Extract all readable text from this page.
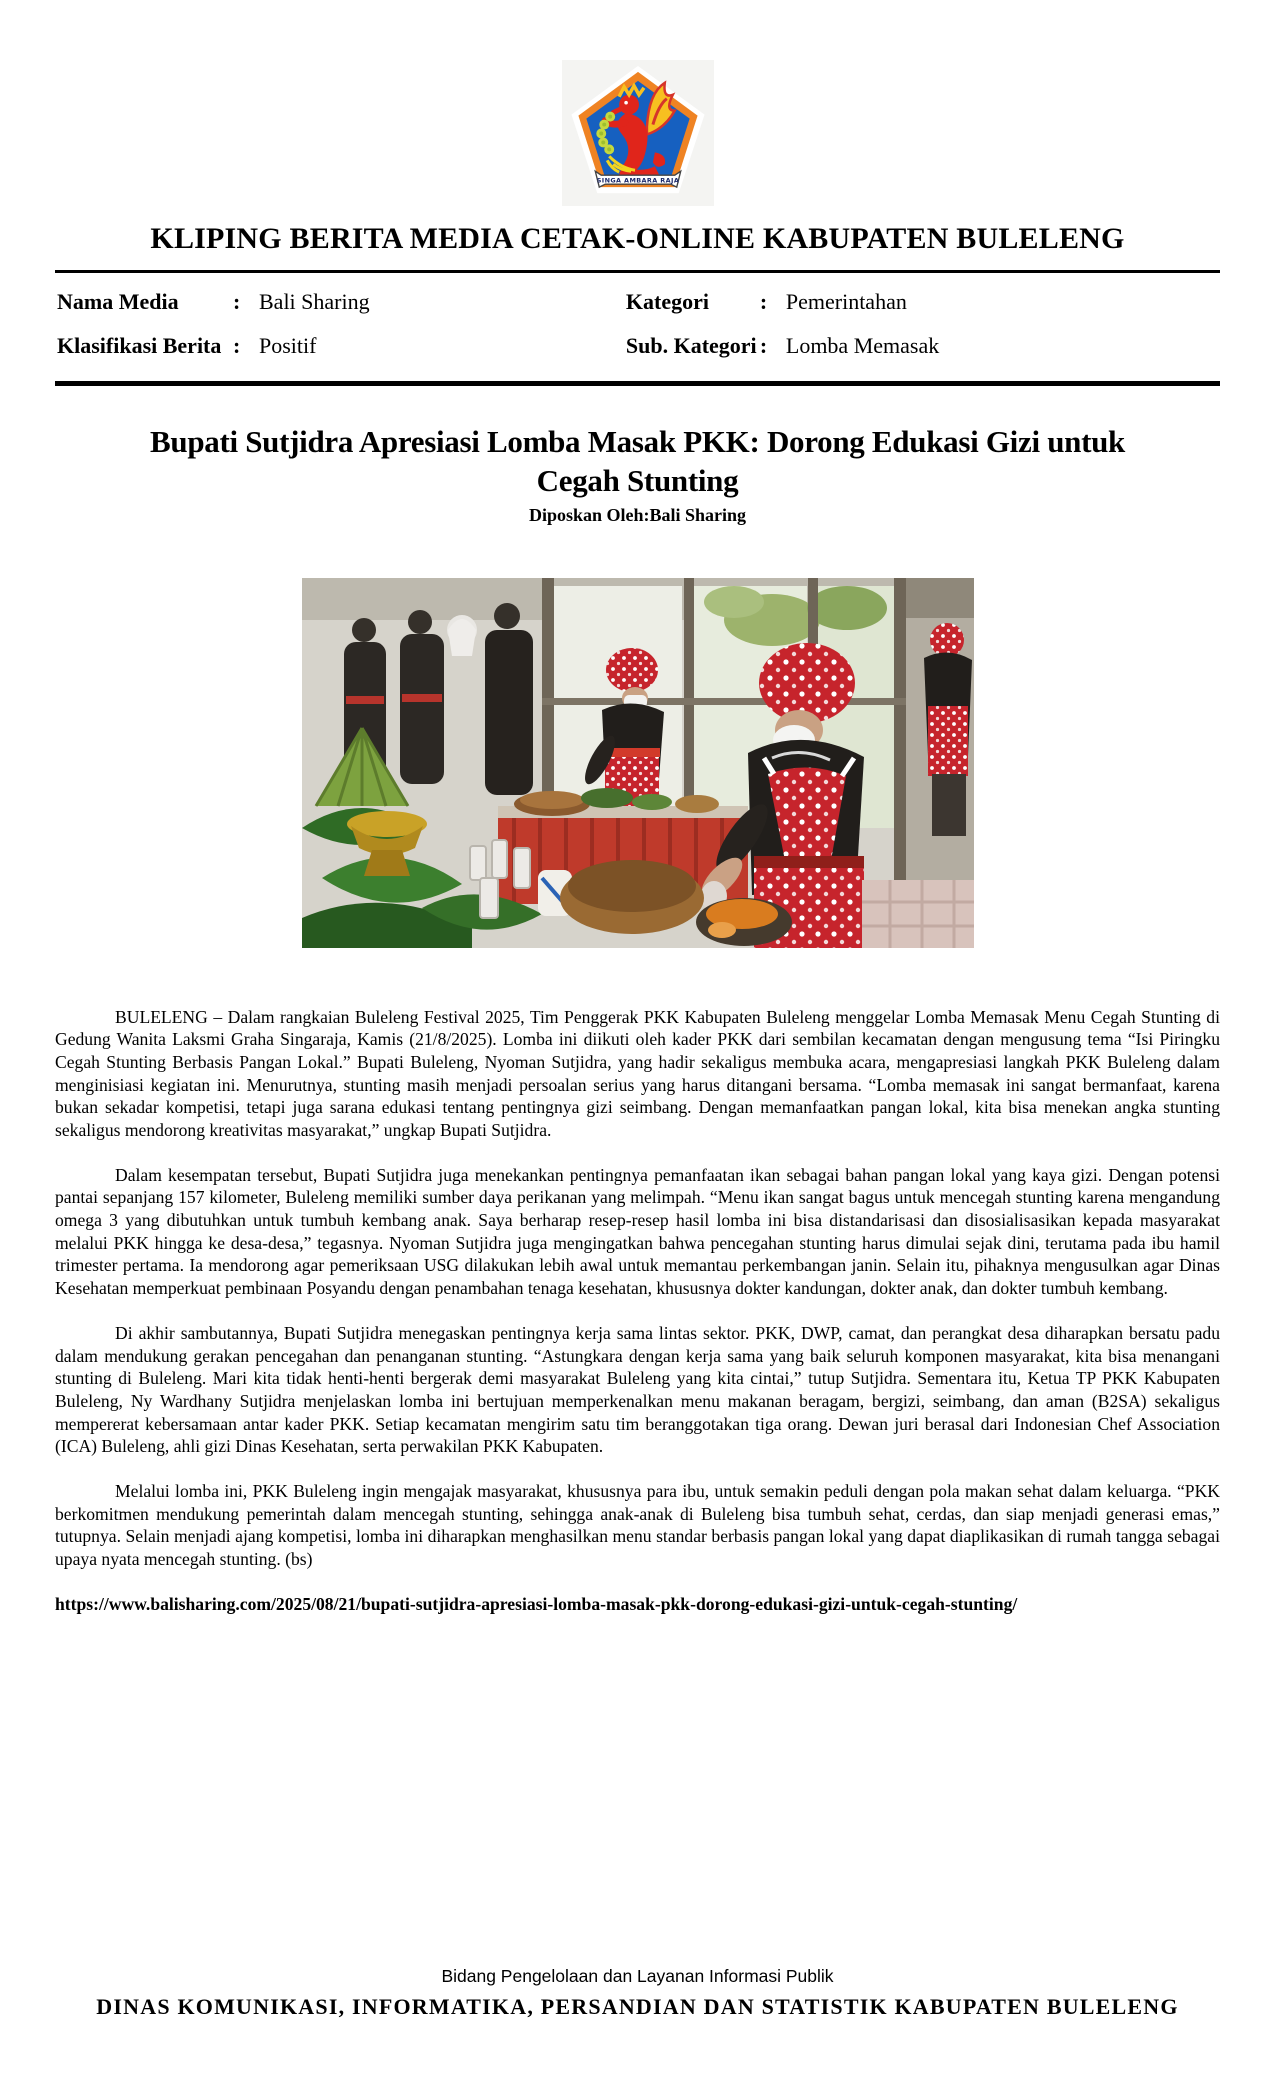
SINGA AMBARA RAJA
KLIPING BERITA MEDIA CETAK-ONLINE KABUPATEN BULELENG
Nama Media	: Bali Sharing	Kategori	: Pemerintahan
Klasifikasi Berita : Positif	Sub. Kategori : Lomba Memasak
Bupati Sutjidra Apresiasi Lomba Masak PKK: Dorong Edukasi Gizi untuk Cegah Stunting
Diposkan Oleh:Bali Sharing

BULELENG – Dalam rangkaian Buleleng Festival 2025, Tim Penggerak PKK Kabupaten Buleleng menggelar Lomba Memasak Menu Cegah Stunting di Gedung Wanita Laksmi Graha Singaraja, Kamis (21/8/2025). Lomba ini diikuti oleh kader PKK dari sembilan kecamatan dengan mengusung tema “Isi Piringku Cegah Stunting Berbasis Pangan Lokal.” Bupati Buleleng, Nyoman Sutjidra, yang hadir sekaligus membuka acara, mengapresiasi langkah PKK Buleleng dalam menginisiasi kegiatan ini. Menurutnya, stunting masih menjadi persoalan serius yang harus ditangani bersama. “Lomba memasak ini sangat bermanfaat, karena bukan sekadar kompetisi, tetapi juga sarana edukasi tentang pentingnya gizi seimbang. Dengan memanfaatkan pangan lokal, kita bisa menekan angka stunting sekaligus mendorong kreativitas masyarakat,” ungkap Bupati Sutjidra.

Dalam kesempatan tersebut, Bupati Sutjidra juga menekankan pentingnya pemanfaatan ikan sebagai bahan pangan lokal yang kaya gizi. Dengan potensi pantai sepanjang 157 kilometer, Buleleng memiliki sumber daya perikanan yang melimpah. “Menu ikan sangat bagus untuk mencegah stunting karena mengandung omega 3 yang dibutuhkan untuk tumbuh kembang anak. Saya berharap resep-resep hasil lomba ini bisa distandarisasi dan disosialisasikan kepada masyarakat melalui PKK hingga ke desa-desa,” tegasnya. Nyoman Sutjidra juga mengingatkan bahwa pencegahan stunting harus dimulai sejak dini, terutama pada ibu hamil trimester pertama. Ia mendorong agar pemeriksaan USG dilakukan lebih awal untuk memantau perkembangan janin. Selain itu, pihaknya mengusulkan agar Dinas Kesehatan memperkuat pembinaan Posyandu dengan penambahan tenaga kesehatan, khususnya dokter kandungan, dokter anak, dan dokter tumbuh kembang.

Di akhir sambutannya, Bupati Sutjidra menegaskan pentingnya kerja sama lintas sektor. PKK, DWP, camat, dan perangkat desa diharapkan bersatu padu dalam mendukung gerakan pencegahan dan penanganan stunting. “Astungkara dengan kerja sama yang baik seluruh komponen masyarakat, kita bisa menangani stunting di Buleleng. Mari kita tidak henti-henti bergerak demi masyarakat Buleleng yang kita cintai,” tutup Sutjidra. Sementara itu, Ketua TP PKK Kabupaten Buleleng, Ny Wardhany Sutjidra menjelaskan lomba ini bertujuan memperkenalkan menu makanan beragam, bergizi, seimbang, dan aman (B2SA) sekaligus mempererat kebersamaan antar kader PKK. Setiap kecamatan mengirim satu tim beranggotakan tiga orang. Dewan juri berasal dari Indonesian Chef Association (ICA) Buleleng, ahli gizi Dinas Kesehatan, serta perwakilan PKK Kabupaten.

Melalui lomba ini, PKK Buleleng ingin mengajak masyarakat, khususnya para ibu, untuk semakin peduli dengan pola makan sehat dalam keluarga. “PKK berkomitmen mendukung pemerintah dalam mencegah stunting, sehingga anak-anak di Buleleng bisa tumbuh sehat, cerdas, dan siap menjadi generasi emas,” tutupnya. Selain menjadi ajang kompetisi, lomba ini diharapkan menghasilkan menu standar berbasis pangan lokal yang dapat diaplikasikan di rumah tangga sebagai upaya nyata mencegah stunting. (bs)

https://www.balisharing.com/2025/08/21/bupati-sutjidra-apresiasi-lomba-masak-pkk-dorong-edukasi-gizi-untuk-cegah-stunting/
Bidang Pengelolaan dan Layanan Informasi Publik
DINAS KOMUNIKASI, INFORMATIKA, PERSANDIAN DAN STATISTIK KABUPATEN BULELENG
